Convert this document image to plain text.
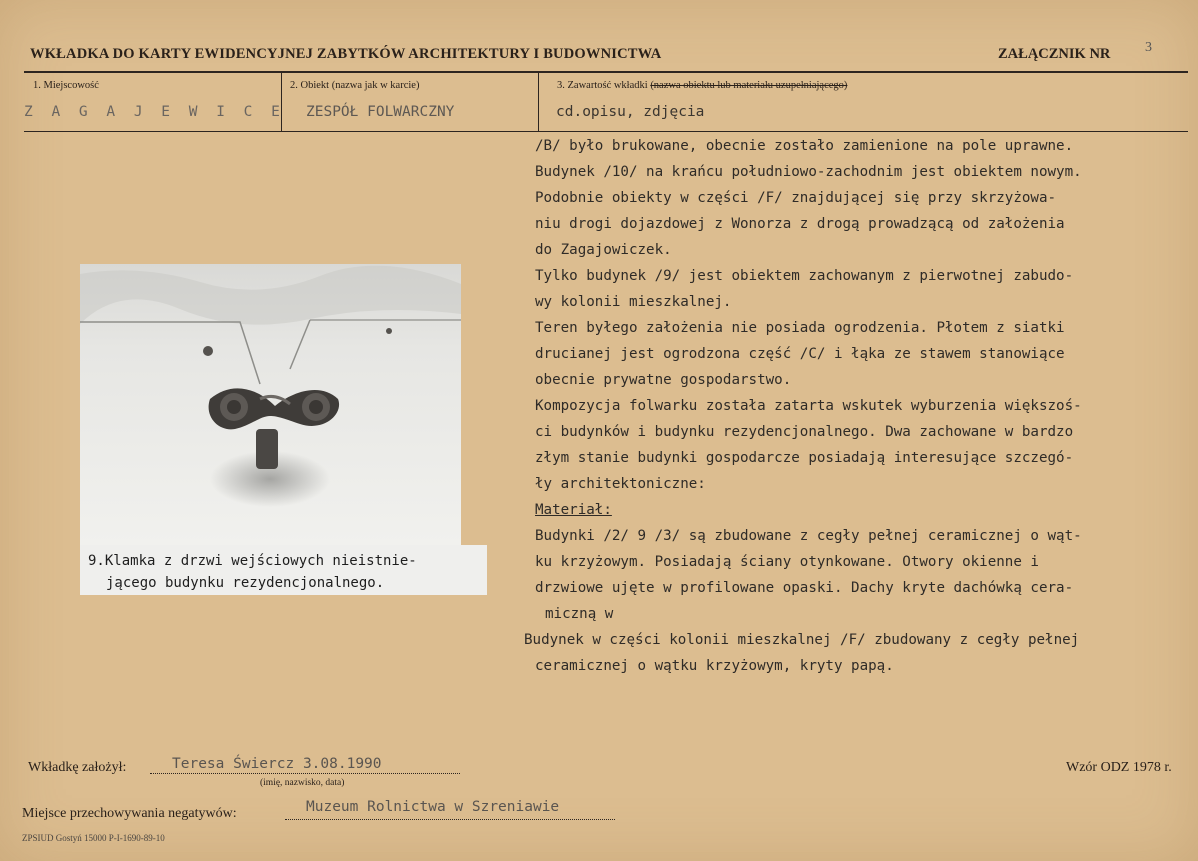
WKŁADKA DO KARTY EWIDENCYJNEJ ZABYTKÓW ARCHITEKTURY I BUDOWNICTWA	ZAŁĄCZNIK NR 3
1. Miejscowość
Z A G A J E W I C E
2. Obiekt (nazwa jak w karcie)
ZESPÓŁ FOLWARCZNY
3. Zawartość wkładki (nazwa obiektu lub materiału uzupełniającego)
cd.opisu, zdjęcia
/B/ było brukowane, obecnie zostało zamienione na pole uprawne.
Budynek /10/ na krańcu południowo-zachodnim jest obiektem nowym.
Podobnie obiekty w części /F/ znajdującej się przy skrzyżowa-
niu drogi dojazdowej z Wonorza z drogą prowadzącą od założenia
do Zagajowiczek.
Tylko budynek /9/ jest obiektem zachowanym z pierwotnej zabudo-
wy kolonii mieszkalnej.
Teren byłego założenia nie posiada ogrodzenia. Płotem z siatki
drucianej jest ogrodzona część /C/ i łąka ze stawem stanowiące
obecnie prywatne gospodarstwo.
Kompozycja folwarku została zatarta wskutek wyburzenia większoś-
ci budynków i budynku rezydencjonalnego. Dwa zachowane w bardzo
złym stanie budynki gospodarcze posiadają interesujące szczegó-
ły architektoniczne:
Materiał:
Budynki /2/ 9 /3/ są zbudowane z cegły pełnej ceramicznej o wąt-
ku krzyżowym. Posiadają ściany otynkowane. Otwory okienne i
drzwiowe ujęte w profilowane opaski. Dachy kryte dachówką cera-
miczną w
Budynek w części kolonii mieszkalnej /F/ zbudowany z cegły pełnej
ceramicznej o wątku krzyżowym, kryty papą.
9.Klamka z drzwi wejściowych nieistnie-
jącego budynku rezydencjonalnego.
Wkładkę założył:	Teresa Świercz 3.08.1990
(imię, nazwisko, data)
Wzór ODZ 1978 r.
Miejsce przechowywania negatywów:	Muzeum Rolnictwa w Szreniawie
ZPSIUD Gostyń 15000 P-I-1690-89-10
